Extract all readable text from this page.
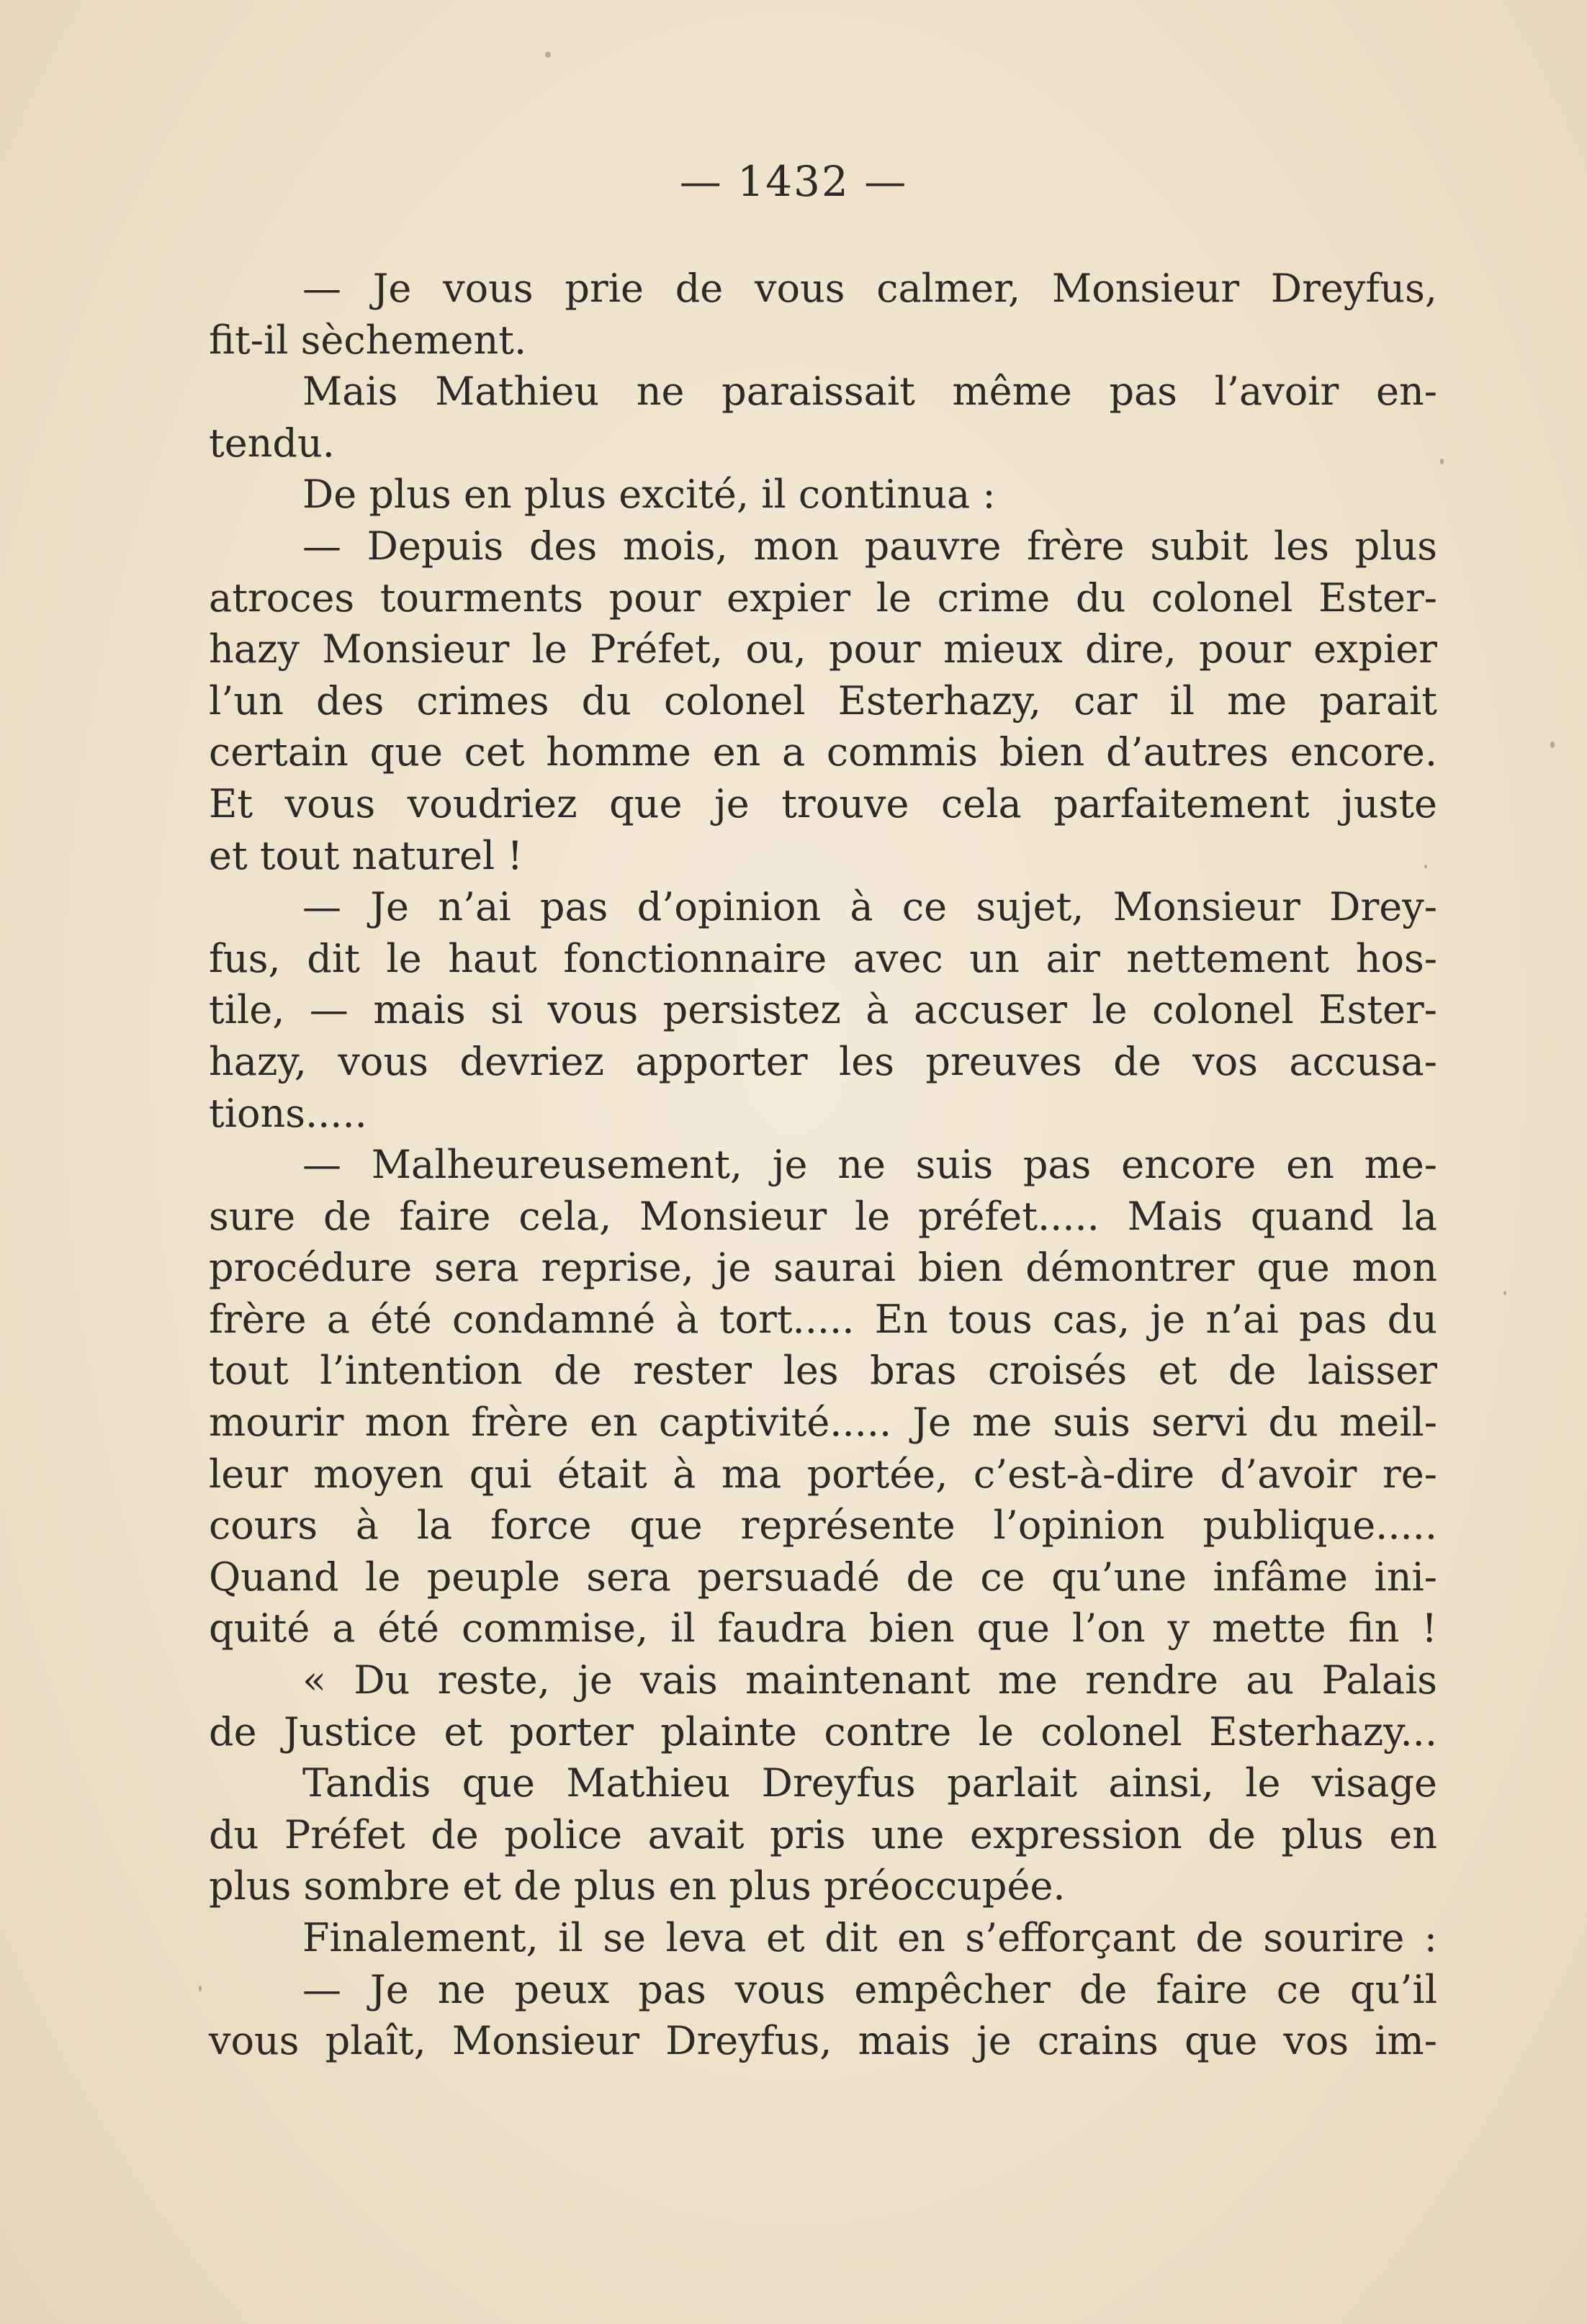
— 1432 —
— Je vous prie de vous calmer, Monsieur Dreyfus,
fit-il sèchement.
Mais Mathieu ne paraissait même pas l’avoir en-
tendu.
De plus en plus excité, il continua :
— Depuis des mois, mon pauvre frère subit les plus
atroces tourments pour expier le crime du colonel Ester-
hazy Monsieur le Préfet, ou, pour mieux dire, pour expier
l’un des crimes du colonel Esterhazy, car il me parait
certain que cet homme en a commis bien d’autres encore.
Et vous voudriez que je trouve cela parfaitement juste
et tout naturel !
— Je n’ai pas d’opinion à ce sujet, Monsieur Drey-
fus, dit le haut fonctionnaire avec un air nettement hos-
tile, — mais si vous persistez à accuser le colonel Ester-
hazy, vous devriez apporter les preuves de vos accusa-
tions.....
— Malheureusement, je ne suis pas encore en me-
sure de faire cela, Monsieur le préfet..... Mais quand la
procédure sera reprise, je saurai bien démontrer que mon
frère a été condamné à tort..... En tous cas, je n’ai pas du
tout l’intention de rester les bras croisés et de laisser
mourir mon frère en captivité..... Je me suis servi du meil-
leur moyen qui était à ma portée, c’est-à-dire d’avoir re-
cours à la force que représente l’opinion publique.....
Quand le peuple sera persuadé de ce qu’une infâme ini-
quité a été commise, il faudra bien que l’on y mette fin !
« Du reste, je vais maintenant me rendre au Palais
de Justice et porter plainte contre le colonel Esterhazy...
Tandis que Mathieu Dreyfus parlait ainsi, le visage
du Préfet de police avait pris une expression de plus en
plus sombre et de plus en plus préoccupée.
Finalement, il se leva et dit en s’efforçant de sourire :
— Je ne peux pas vous empêcher de faire ce qu’il
vous plaît, Monsieur Dreyfus, mais je crains que vos im-
